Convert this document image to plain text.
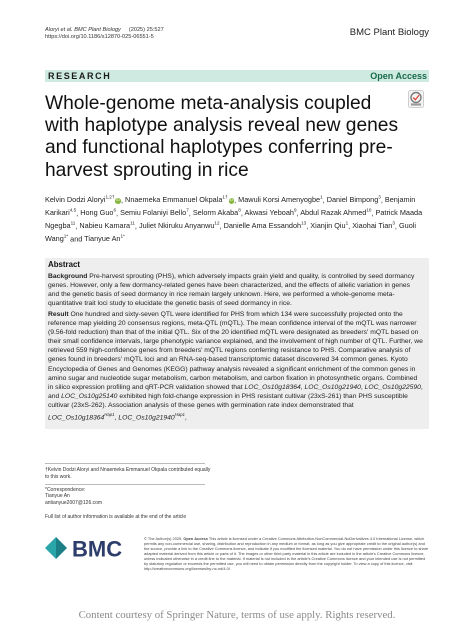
Aloryi et al. BMC Plant Biology (2025) 25:527
https://doi.org/10.1186/s12870-025-06551-5	BMC Plant Biology
RESEARCH	Open Access
Whole-genome meta-analysis coupled with haplotype analysis reveal new genes and functional haplotypes conferring pre-harvest sprouting in rice
Kelvin Dodzi Aloryi$^{1,2\dagger}$iD, Nnaemeka Emmanuel Okpala$^{1\dagger}$iD, Mawuli Korsi Amenyogbe$^1$, Daniel Bimpong$^3$, Benjamin Karikari$^{4,5}$, Hong Guo$^6$, Semiu Folaniyi Bello$^7$, Selorm Akaba$^8$, Akwasi Yeboah$^9$, Abdul Razak Ahmed$^{10}$, Patrick Maada Ngegba$^{11}$, Nabieu Kamara$^{11}$, Juliet Nkiruku Anyanwu$^{12}$, Danielle Ama Essandoh$^{13}$, Xianjin Qiu$^1$, Xiaohai Tian$^3$, Guoli Wang$^{1*}$ and Tianyue $An^{1*}$
Abstract

Background Pre-harvest sprouting (PHS), which adversely impacts grain yield and quality, is controlled by seed dormancy genes. However, only a few dormancy-related genes have been characterized, and the effects of allelic variation in genes and the genetic basis of seed dormancy in rice remain largely unknown. Here, we performed a whole-genome meta-quantitative trait loci study to elucidate the genetic basis of seed dormancy in rice.

Result One hundred and sixty-seven QTL were identified for PHS from which 134 were successfully projected onto the reference map yielding 20 consensus regions, meta-QTL (mQTL). The mean confidence interval of the mQTL was narrower (9.56-fold reduction) than that of the initial QTL. Six of the 20 identified mQTL were designated as breeders' mQTL based on their small confidence intervals, large phenotypic variance explained, and the involvement of high number of QTL. Further, we retrieved 559 high-confidence genes from breeders' mQTL regions conferring resistance to PHS. Comparative analysis of genes found in breeders' mQTL loci and an RNA-seq-based transcriptomic dataset discovered 34 common genes. Kyoto Encyclopedia of Genes and Genomes (KEGG) pathway analysis revealed a significant enrichment of the common genes in amino sugar and nucleotide sugar metabolism, carbon metabolism, and carbon fixation in photosynthetic organs. Combined in silico expression profiling and qRT-PCR validation showed that LOC_Os10g18364, LOC_Os10g21940, LOC_Os10g22590, and LOC_Os10g25140 exhibited high fold-change expression in PHS resistant cultivar (23xS-261) than PHS susceptible cultivar (23xS-262). Association analysis of these genes with germination rate index demonstrated that $LOC\_Os10g18364^{Hap1}$, $LOC\_Os10g21940^{Hap1}$,

†Kelvin Dodzi Aloryi and Nnaemeka Emmanuel Okpala contributed equally to this work.
*Correspondence:
Tianyue An
antianyue2007@126.com
Full list of author information is available at the end of the article
BMC	© The Author(s) 2025. Open Access This article is licensed under a Creative Commons Attribution-NonCommercial-NoDerivatives 4.0 International License, which permits any non-commercial use, sharing, distribution and reproduction in any medium or format, as long as you give appropriate credit to the original author(s) and the source, provide a link to the Creative Commons licence, and indicate if you modified the licensed material. You do not have permission under this licence to share adapted material derived from this article or parts of it. The images or other third party material in this article are included in the article's Creative Commons licence, unless indicated otherwise in a credit line to the material. If material is not included in the article's Creative Commons licence and your intended use is not permitted by statutory regulation or exceeds the permitted use, you will need to obtain permission directly from the copyright holder. To view a copy of this licence, visit http://creativecommons.org/licenses/by-nc-nd/4.0/.
Content courtesy of Springer Nature, terms of use apply. Rights reserved.
